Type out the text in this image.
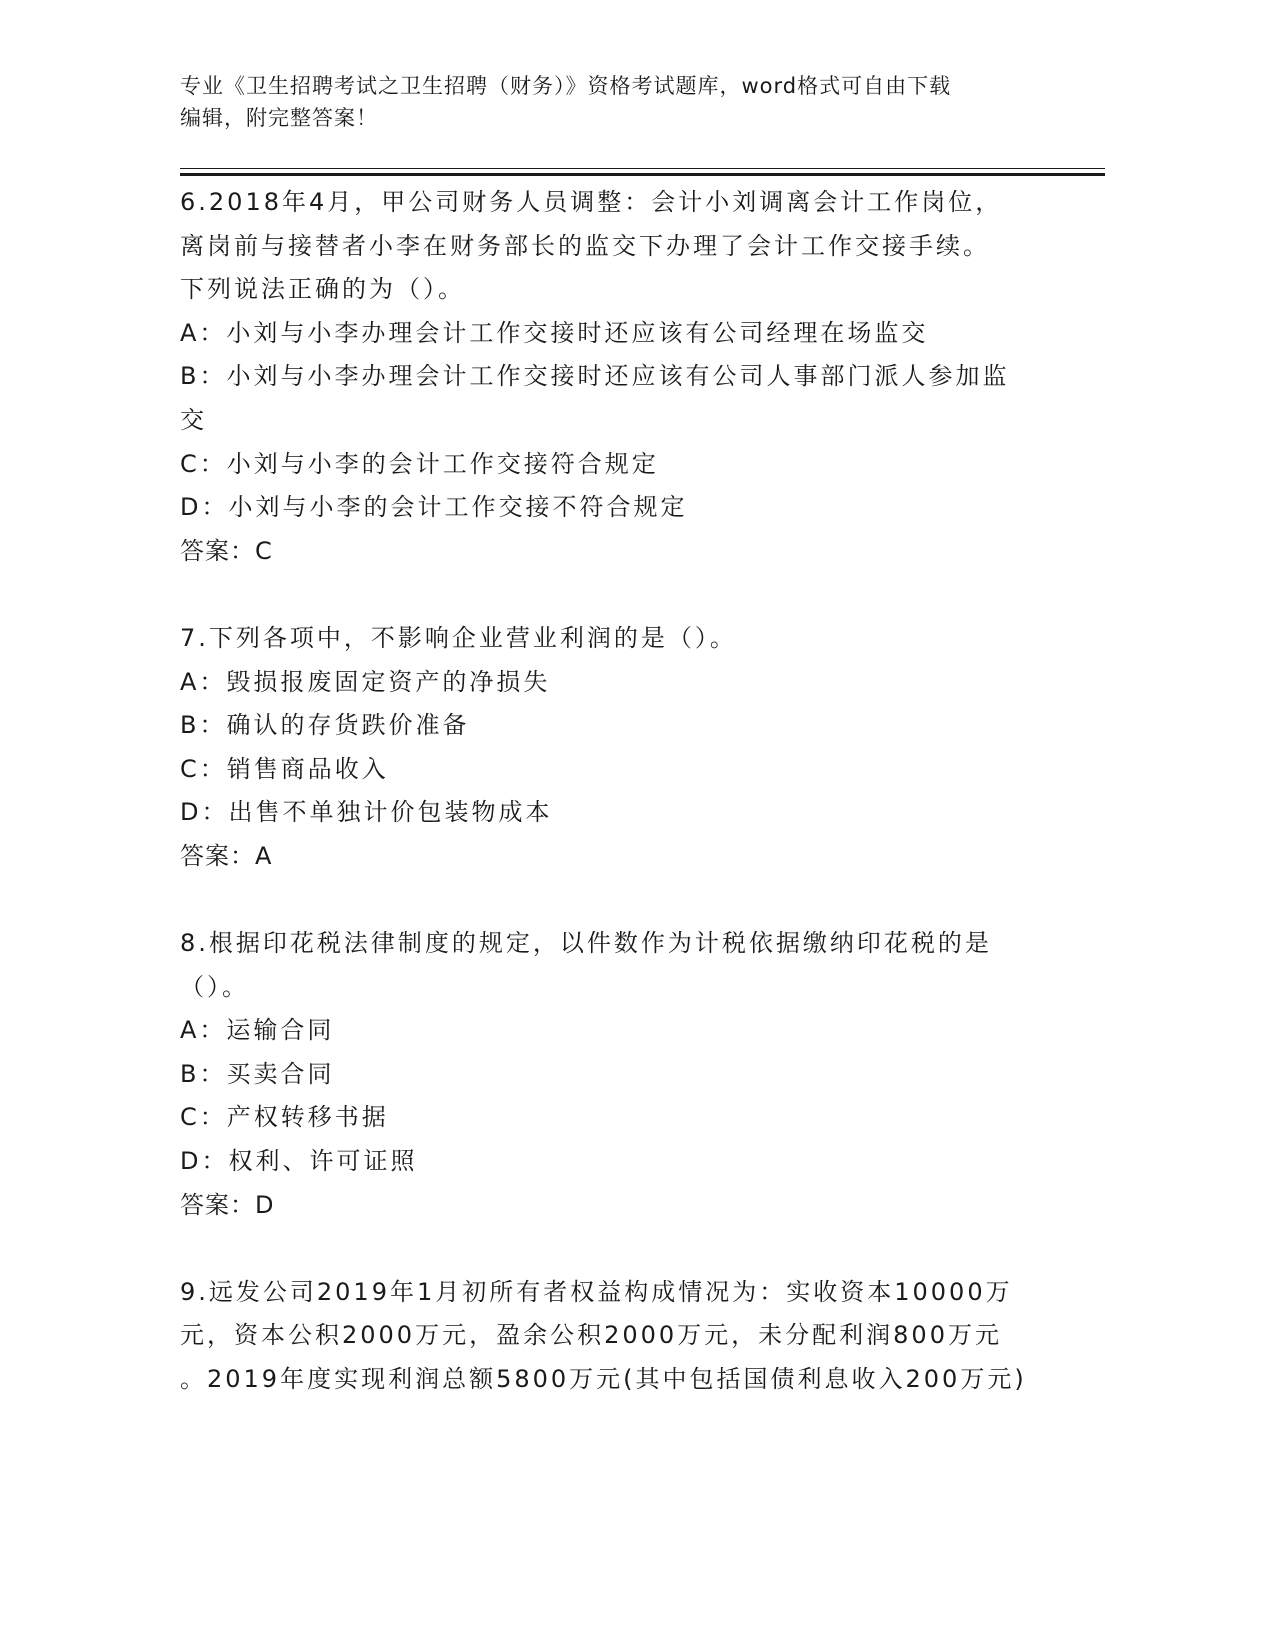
专业《卫生招聘考试之卫生招聘（财务）》资格考试题库，word格式可自由下载
编辑，附完整答案！
6.2018年4月，甲公司财务人员调整：会计小刘调离会计工作岗位，
离岗前与接替者小李在财务部长的监交下办理了会计工作交接手续。
下列说法正确的为（）。
A：小刘与小李办理会计工作交接时还应该有公司经理在场监交
B：小刘与小李办理会计工作交接时还应该有公司人事部门派人参加监
交
C：小刘与小李的会计工作交接符合规定
D：小刘与小李的会计工作交接不符合规定
答案：C
7.下列各项中，不影响企业营业利润的是（）。
A：毁损报废固定资产的净损失
B：确认的存货跌价准备
C：销售商品收入
D：出售不单独计价包装物成本
答案：A
8.根据印花税法律制度的规定，以件数作为计税依据缴纳印花税的是
（）。
A：运输合同
B：买卖合同
C：产权转移书据
D：权利、许可证照
答案：D
9.远发公司2019年1月初所有者权益构成情况为：实收资本10000万
元，资本公积2000万元，盈余公积2000万元，未分配利润800万元
。2019年度实现利润总额5800万元(其中包括国债利息收入200万元)
